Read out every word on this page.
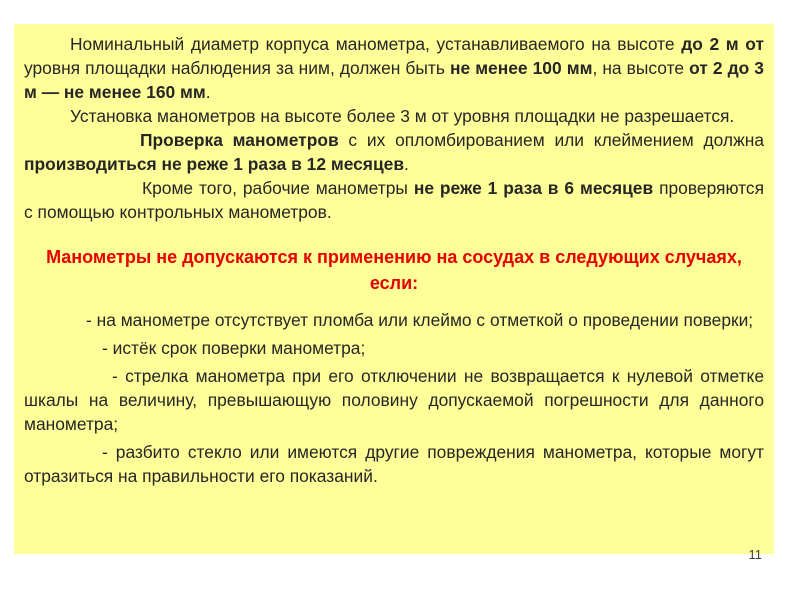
Номинальный диаметр корпуса манометра, устанавливаемого на высоте до 2 м от уровня площадки наблюдения за ним, должен быть не менее 100 мм, на высоте от 2 до 3 м — не менее 160 мм.

Установка манометров на высоте более 3 м от уровня площадки не разрешается.

Проверка манометров с их опломбированием или клеймением должна производиться не реже 1 раза в 12 месяцев.

Кроме того, рабочие манометры не реже 1 раза в 6 месяцев проверяются с помощью контрольных манометров.

Манометры не допускаются к применению на сосудах в следующих случаях, если:

- на манометре отсутствует пломба или клеймо с отметкой о проведении поверки;

- истёк срок поверки манометра;

- стрелка манометра при его отключении не возвращается к нулевой отметке шкалы на величину, превышающую половину допускаемой погрешности для данного манометра;

- разбито стекло или имеются другие повреждения манометра, которые могут отразиться на правильности его показаний.

11
